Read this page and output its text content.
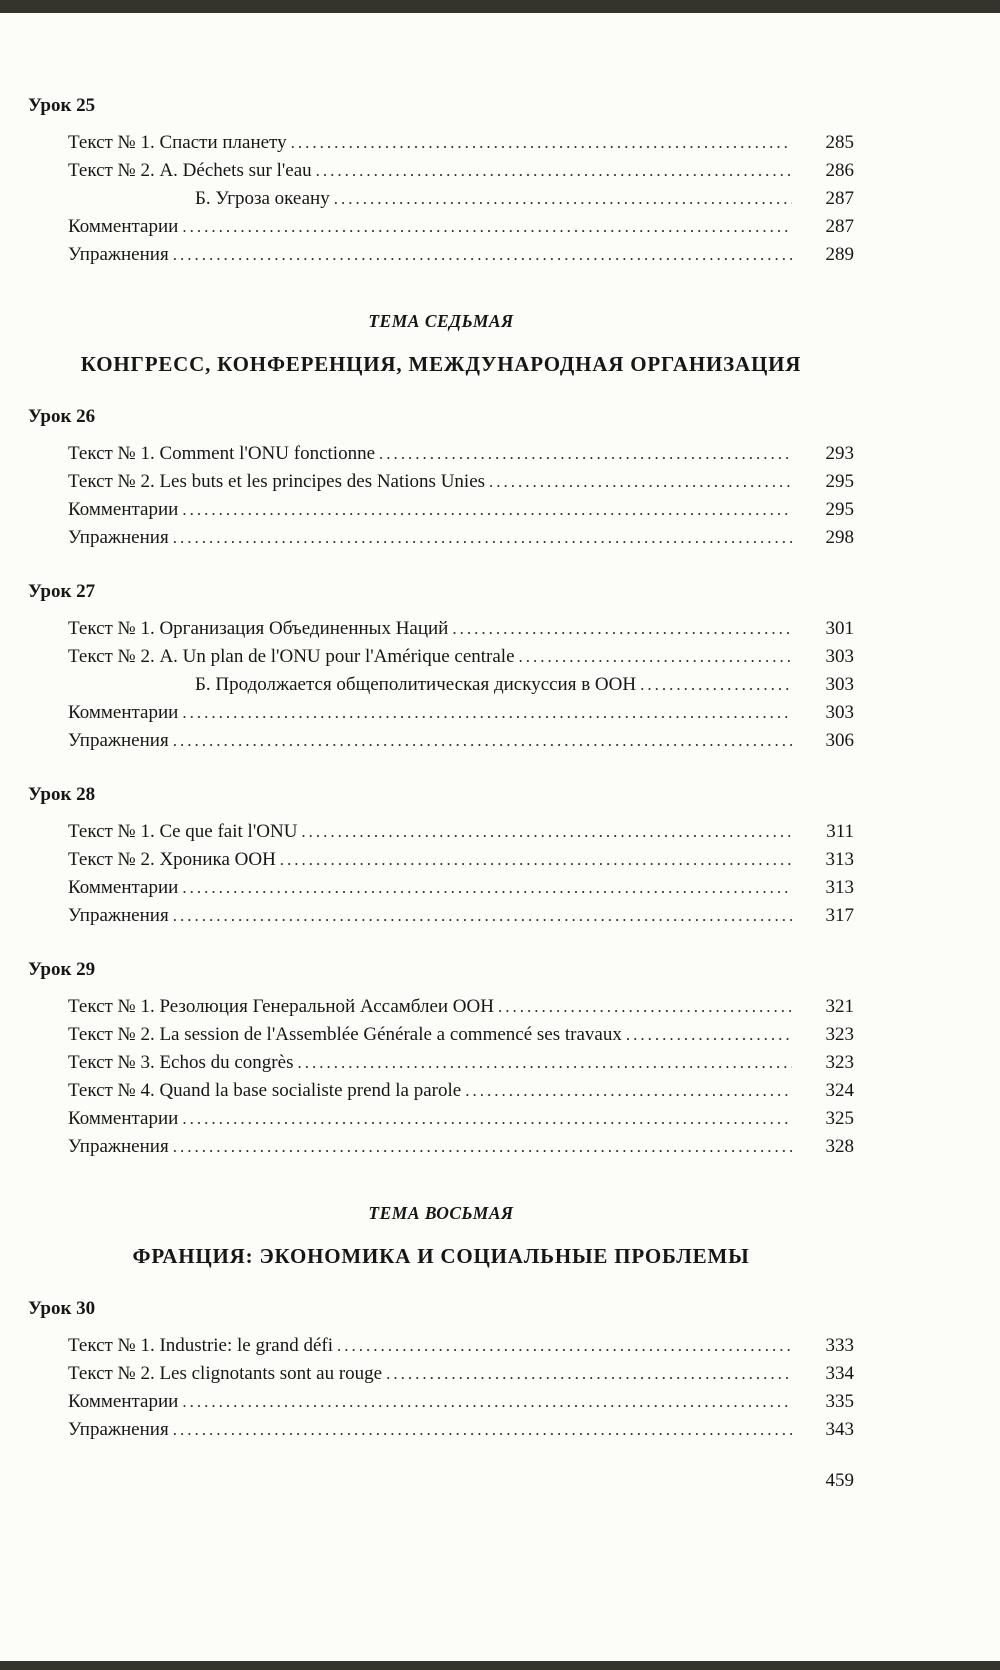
Урок 25
Текст № 1. Спасти планету .....	285
Текст № 2. А. Déchets sur l'eau .....	286
Б. Угроза океану .....	287
Комментарии .....	287
Упражнения .....	289
ТЕМА СЕДЬМАЯ
КОНГРЕСС, КОНФЕРЕНЦИЯ, МЕЖДУНАРОДНАЯ ОРГАНИЗАЦИЯ
Урок 26
Текст № 1. Comment l'ONU fonctionne .....	293
Текст № 2. Les buts et les principes des Nations Unies .....	295
Комментарии .....	295
Упражнения .....	298
Урок 27
Текст № 1. Организация Объединенных Наций .....	301
Текст № 2. А. Un plan de l'ONU pour l'Amérique centrale .....	303
Б. Продолжается общеполитическая дискуссия в ООН .....	303
Комментарии .....	303
Упражнения .....	306
Урок 28
Текст № 1. Ce que fait l'ONU .....	311
Текст № 2. Хроника ООН .....	313
Комментарии .....	313
Упражнения .....	317
Урок 29
Текст № 1. Резолюция Генеральной Ассамблеи ООН .....	321
Текст № 2. La session de l'Assemblée Générale a commencé ses travaux .....	323
Текст № 3. Echos du congrès .....	323
Текст № 4. Quand la base socialiste prend la parole .....	324
Комментарии .....	325
Упражнения .....	328
ТЕМА ВОСЬМАЯ
ФРАНЦИЯ: ЭКОНОМИКА И СОЦИАЛЬНЫЕ ПРОБЛЕМЫ
Урок 30
Текст № 1. Industrie: le grand défi .....	333
Текст № 2. Les clignotants sont au rouge .....	334
Комментарии .....	335
Упражнения .....	343
459
